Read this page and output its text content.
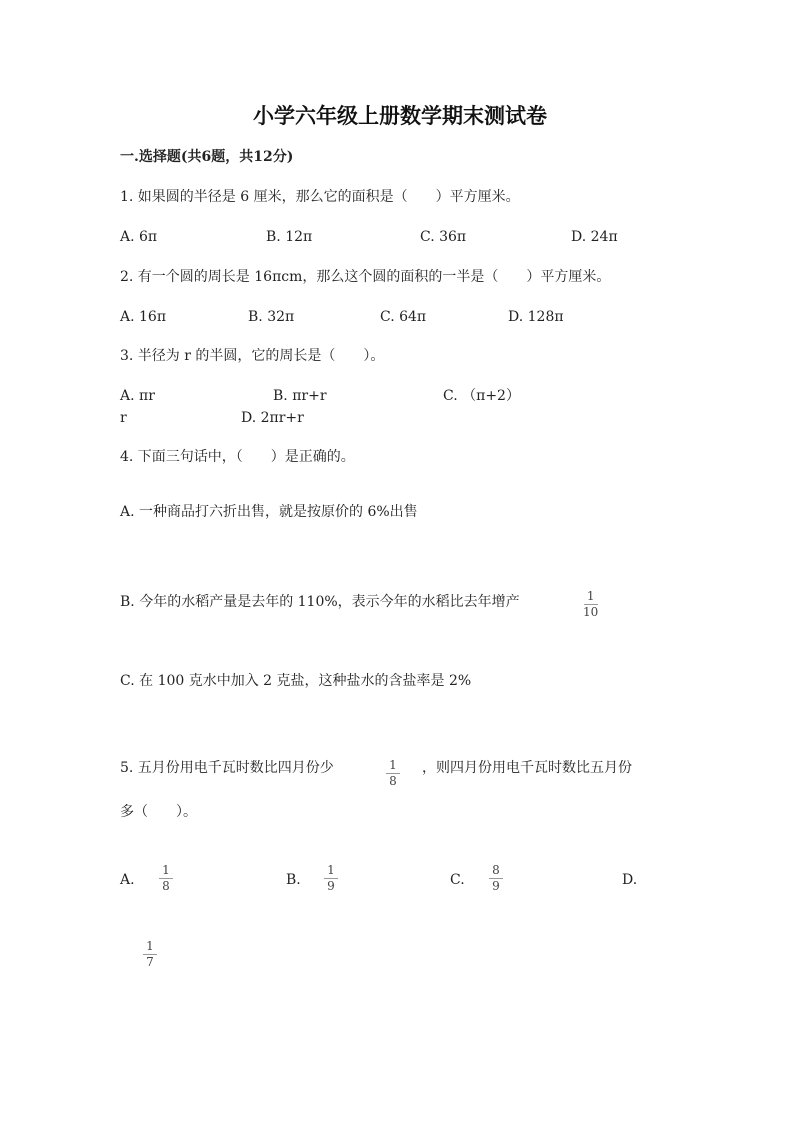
小学六年级上册数学期末测试卷
一.选择题(共6题，共12分)
1. 如果圆的半径是 6 厘米，那么它的面积是（　　）平方厘米。
A. 6π	B. 12π	C. 36π	D. 24π
2. 有一个圆的周长是 16πcm，那么这个圆的面积的一半是（　　）平方厘米。
A. 16π	B. 32π	C. 64π	D. 128π
3. 半径为 r 的半圆，它的周长是（　　）。
A. πr	B. πr+r	C. （π+2）
r	D. 2πr+r
4. 下面三句话中，（　　）是正确的。
A. 一种商品打六折出售，就是按原价的 6%出售
B. 今年的水稻产量是去年的 110%，表示今年的水稻比去年增产	1
10
C. 在 100 克水中加入 2 克盐，这种盐水的含盐率是 2%
5. 五月份用电千瓦时数比四月份少	1
8
，则四月份用电千瓦时数比五月份
多（　　）。
A.
1
8	B.
1
9	C.
8
9	D.
1
7
